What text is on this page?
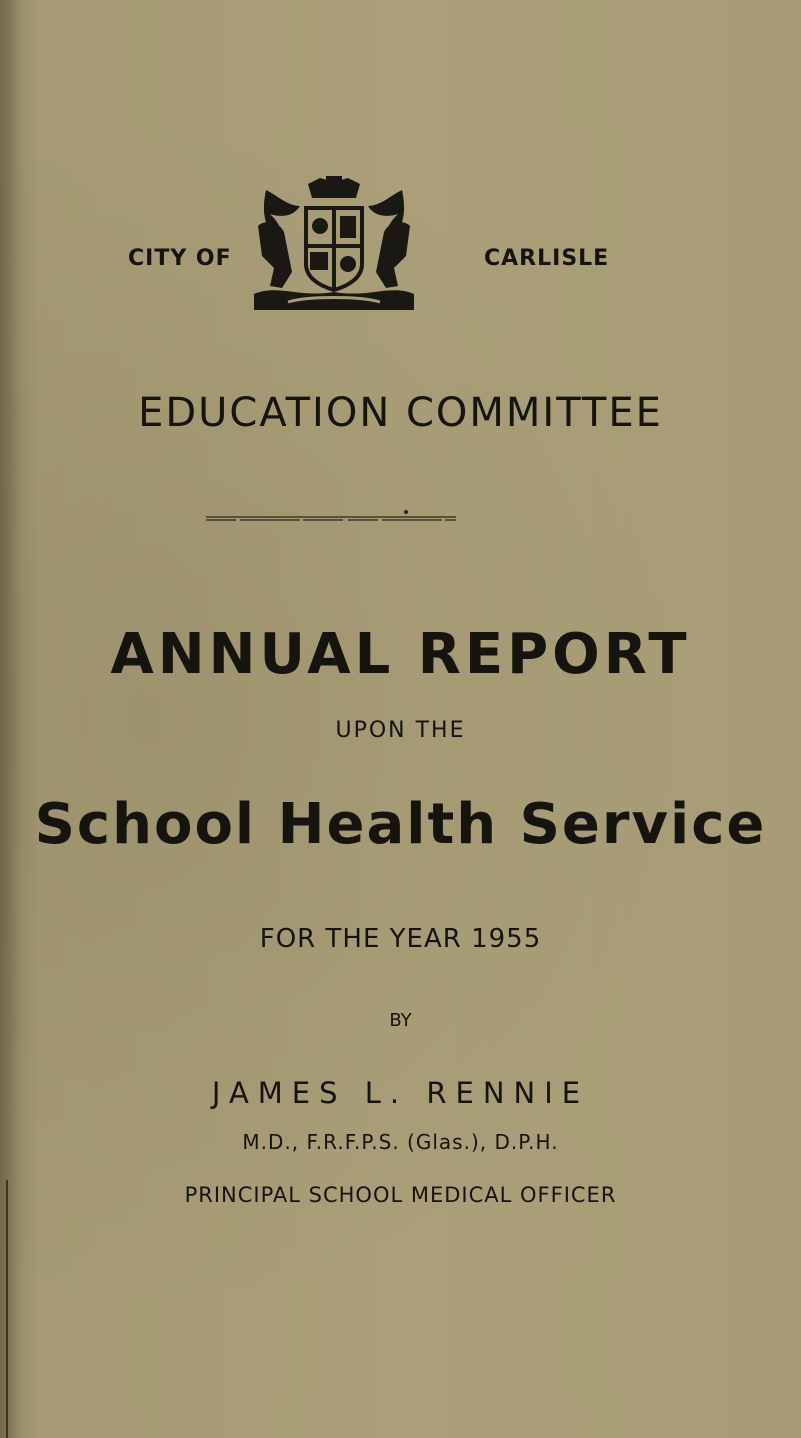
CITY OF	CARLISLE
EDUCATION COMMITTEE
ANNUAL REPORT
UPON THE
School Health Service
FOR THE YEAR 1955
BY
JAMES L. RENNIE
M.D., F.R.F.P.S. (Glas.), D.P.H.
PRINCIPAL SCHOOL MEDICAL OFFICER
